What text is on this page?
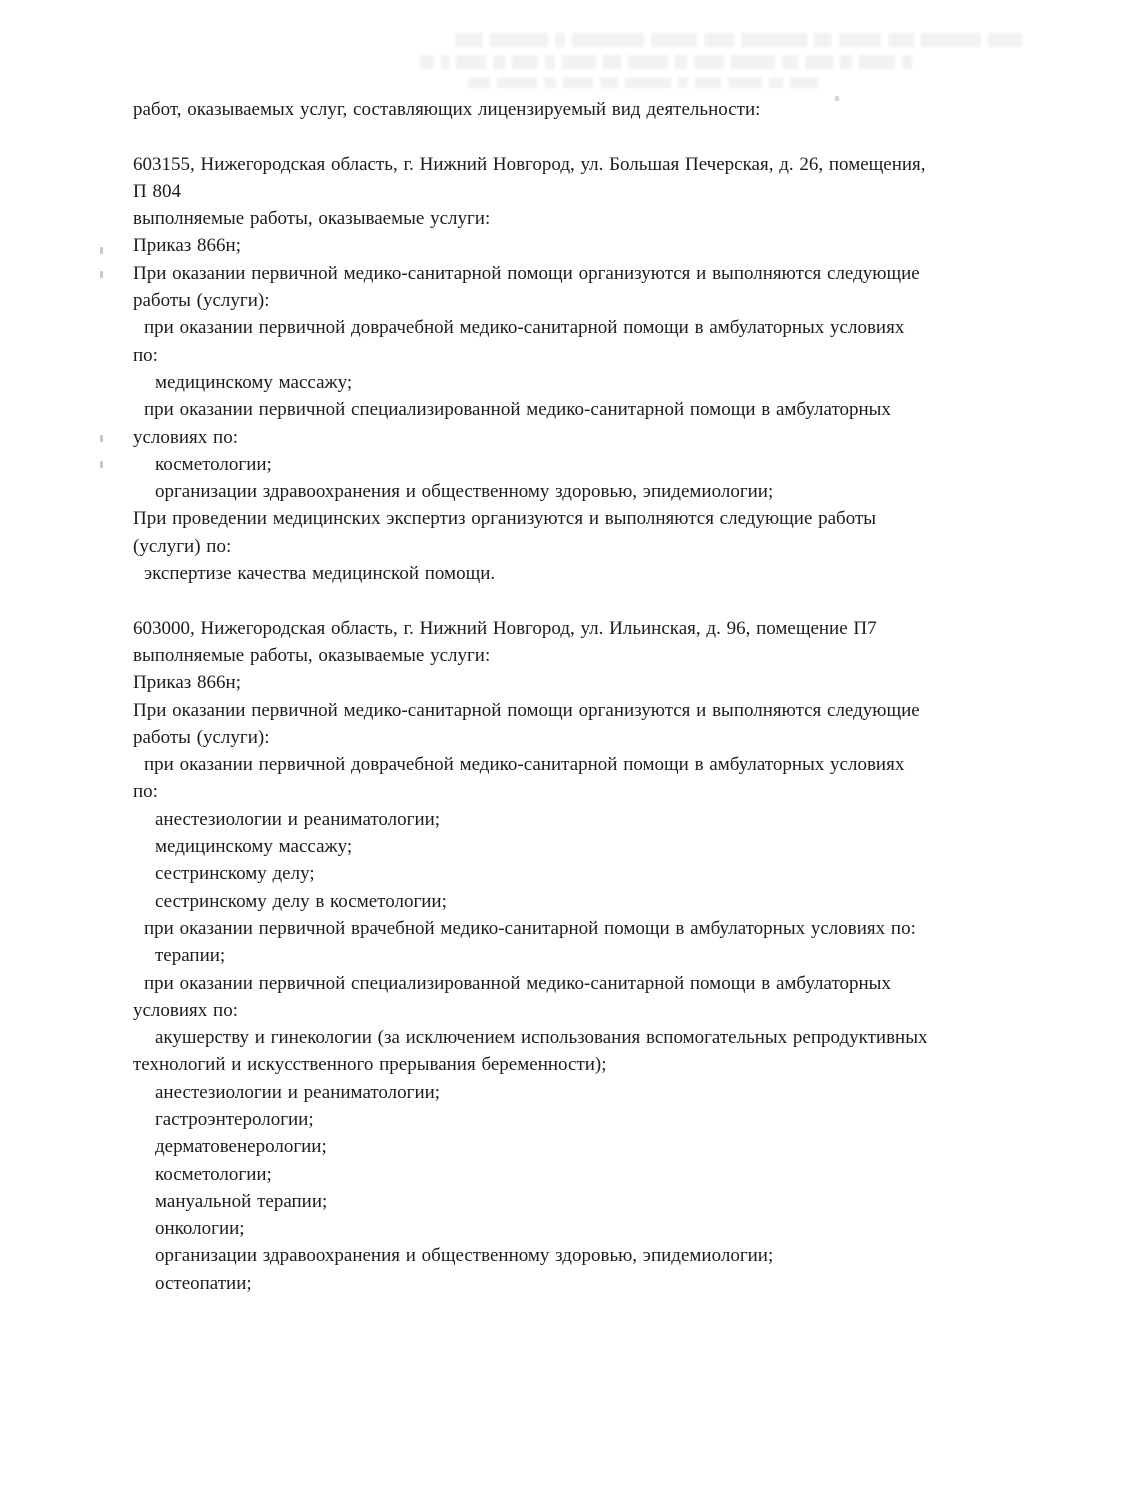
работ, оказываемых услуг, составляющих лицензируемый вид деятельности:

603155, Нижегородская область, г. Нижний Новгород, ул. Большая Печерская, д. 26, помещения,
П 804
выполняемые работы, оказываемые услуги:
Приказ 866н;
При оказании первичной медико-санитарной помощи организуются и выполняются следующие
работы (услуги):
при оказании первичной доврачебной медико-санитарной помощи в амбулаторных условиях
по:
медицинскому массажу;
при оказании первичной специализированной медико-санитарной помощи в амбулаторных
условиях по:
косметологии;
организации здравоохранения и общественному здоровью, эпидемиологии;
При проведении медицинских экспертиз организуются и выполняются следующие работы
(услуги) по:
экспертизе качества медицинской помощи.

603000, Нижегородская область, г. Нижний Новгород, ул. Ильинская, д. 96, помещение П7
выполняемые работы, оказываемые услуги:
Приказ 866н;
При оказании первичной медико-санитарной помощи организуются и выполняются следующие
работы (услуги):
при оказании первичной доврачебной медико-санитарной помощи в амбулаторных условиях
по:
анестезиологии и реаниматологии;
медицинскому массажу;
сестринскому делу;
сестринскому делу в косметологии;
при оказании первичной врачебной медико-санитарной помощи в амбулаторных условиях по:
терапии;
при оказании первичной специализированной медико-санитарной помощи в амбулаторных
условиях по:
акушерству и гинекологии (за исключением использования вспомогательных репродуктивных
технологий и искусственного прерывания беременности);
анестезиологии и реаниматологии;
гастроэнтерологии;
дерматовенерологии;
косметологии;
мануальной терапии;
онкологии;
организации здравоохранения и общественному здоровью, эпидемиологии;
остеопатии;
